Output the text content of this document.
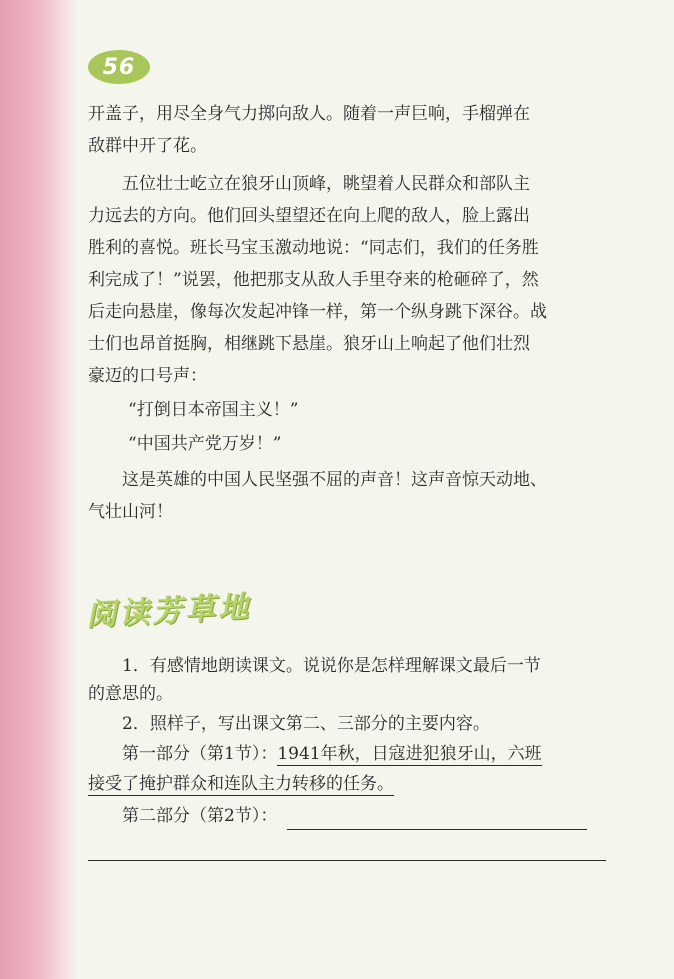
56
开盖子，用尽全身气力掷向敌人。随着一声巨响，手榴弹在
敌群中开了花。
五位壮士屹立在狼牙山顶峰，眺望着人民群众和部队主
力远去的方向。他们回头望望还在向上爬的敌人，脸上露出
胜利的喜悦。班长马宝玉激动地说：“同志们，我们的任务胜
利完成了！”说罢，他把那支从敌人手里夺来的枪砸碎了，然
后走向悬崖，像每次发起冲锋一样，第一个纵身跳下深谷。战
士们也昂首挺胸，相继跳下悬崖。狼牙山上响起了他们壮烈
豪迈的口号声：
“打倒日本帝国主义！”
“中国共产党万岁！”
这是英雄的中国人民坚强不屈的声音！这声音惊天动地、
气壮山河！
阅读芳草地
1．有感情地朗读课文。说说你是怎样理解课文最后一节
的意思的。
2．照样子，写出课文第二、三部分的主要内容。
第一部分（第1节）：1941年秋，日寇进犯狼牙山，六班
接受了掩护群众和连队主力转移的任务。
第二部分（第2节）：
